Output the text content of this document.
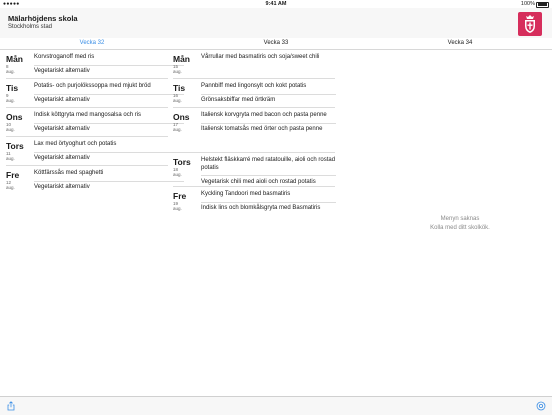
●●●●●	9:41 AM	100%
Mälarhöjdens skola
Stockholms stad
Vecka 32	Vecka 33	Vecka 34
Mån
8 aug.
Korvstroganoff med ris
Vegetariskt alternativ
Tis
9 aug.
Potatis- och purjolökssoppa med mjukt bröd
Vegetariskt alternativ
Ons
10 aug.
Indisk köttgryta med mangosalsa och ris
Vegetariskt alternativ
Tors
11 aug.
Lax med örtyoghurt och potatis
Vegetariskt alternativ
Fre
12 aug.
Köttfärssås med spaghetti
Vegetariskt alternativ
Mån
15 aug.
Vårrullar med basmatiris och soja/sweet chili
Tis
16 aug.
Pannbiff med lingonsylt och kokt potatis
Grönsaksbiffar med örtkräm
Ons
17 aug.
Italiensk korvgryta med bacon och pasta penne
Italiensk tomatsås med örter och pasta penne
Tors
18 aug.
Helstekt fläskkarré med ratatouille, aioli och rostad potatis
Vegetarisk chili med aioli och rostad potatis
Fre
19 aug.
Kyckling Tandoori med basmatiris
Indisk lins och blomkålsgryta med Basmatiris
Menyn saknas
Kolla med ditt skolkök.
